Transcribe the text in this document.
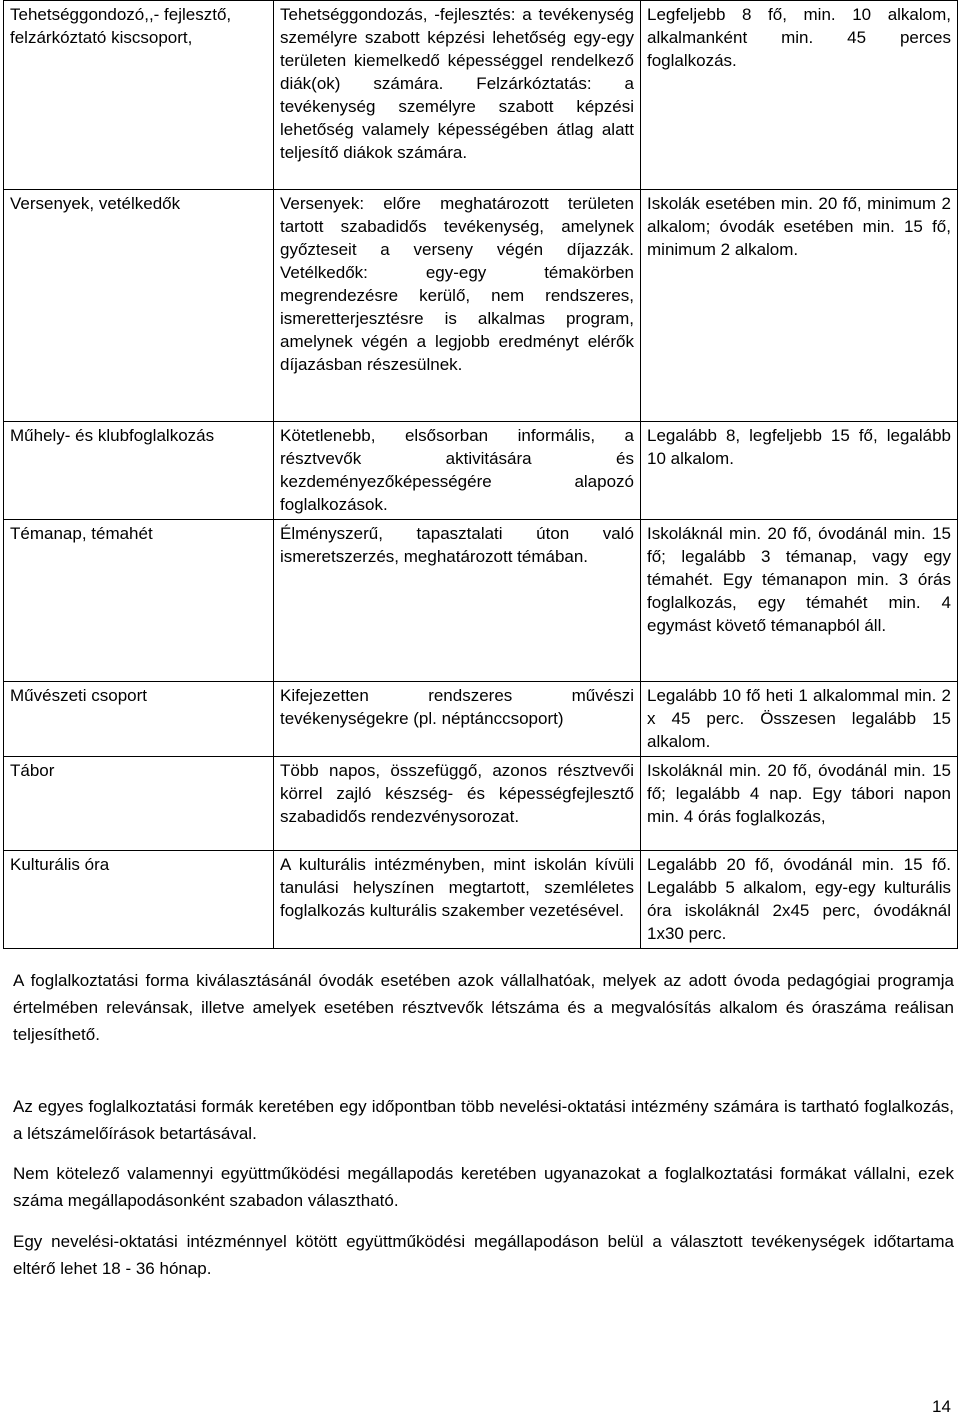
Tehetséggondozó,,- fejlesztő, felzárkóztató kiscsoport,	Tehetséggondozás, -fejlesztés: a tevékenység személyre szabott képzési lehetőség egy-egy területen kiemelkedő képességgel rendelkező diák(ok) számára. Felzárkóztatás: a tevékenység személyre szabott képzési lehetőség valamely képességében átlag alatt teljesítő diákok számára.	Legfeljebb 8 fő, min. 10 alkalom, alkalmanként min. 45 perces foglalkozás.
Versenyek, vetélkedők	Versenyek: előre meghatározott területen tartott szabadidős tevékenység, amelynek győzteseit a verseny végén díjazzák. Vetélkedők: egy-egy témakörben megrendezésre kerülő, nem rendszeres, ismeretterjesztésre is alkalmas program, amelynek végén a legjobb eredményt elérők díjazásban részesülnek.	Iskolák esetében min. 20 fő, minimum 2 alkalom; óvodák esetében min. 15 fő, minimum 2 alkalom.
Műhely- és klubfoglalkozás	Kötetlenebb, elsősorban informális, a résztvevők aktivitására és kezdeményezőképességére alapozó foglalkozások.	Legalább 8, legfeljebb 15 fő, legalább 10 alkalom.
Témanap, témahét	Élményszerű, tapasztalati úton való ismeretszerzés, meghatározott témában.	Iskoláknál min. 20 fő, óvodánál min. 15 fő; legalább 3 témanap, vagy egy témahét. Egy témanapon min. 3 órás foglalkozás, egy témahét min. 4 egymást követő témanapból áll.
Művészeti csoport	Kifejezetten rendszeres művészi tevékenységekre (pl. néptánccsoport)	Legalább 10 fő heti 1 alkalommal min. 2 x 45 perc. Összesen legalább 15 alkalom.
Tábor	Több napos, összefüggő, azonos résztvevői körrel zajló készség- és képességfejlesztő szabadidős rendezvénysorozat.	Iskoláknál min. 20 fő, óvodánál min. 15 fő; legalább 4 nap. Egy tábori napon min. 4 órás foglalkozás,
Kulturális óra	A kulturális intézményben, mint iskolán kívüli tanulási helyszínen megtartott, szemléletes foglalkozás kulturális szakember vezetésével.	Legalább 20 fő, óvodánál min. 15 fő. Legalább 5 alkalom, egy-egy kulturális óra iskoláknál 2x45 perc, óvodáknál 1x30 perc.

A foglalkoztatási forma kiválasztásánál óvodák esetében azok vállalhatóak, melyek az adott óvoda pedagógiai programja értelmében relevánsak, illetve amelyek esetében résztvevők létszáma és a megvalósítás alkalom és óraszáma reálisan teljesíthető.

Az egyes foglalkoztatási formák keretében egy időpontban több nevelési-oktatási intézmény számára is tartható foglalkozás, a létszámelőírások betartásával.

Nem kötelező valamennyi együttműködési megállapodás keretében ugyanazokat a foglalkoztatási formákat vállalni, ezek száma megállapodásonként szabadon választható.

Egy nevelési-oktatási intézménnyel kötött együttműködési megállapodáson belül a választott tevékenységek időtartama eltérő lehet 18 - 36 hónap.

14
